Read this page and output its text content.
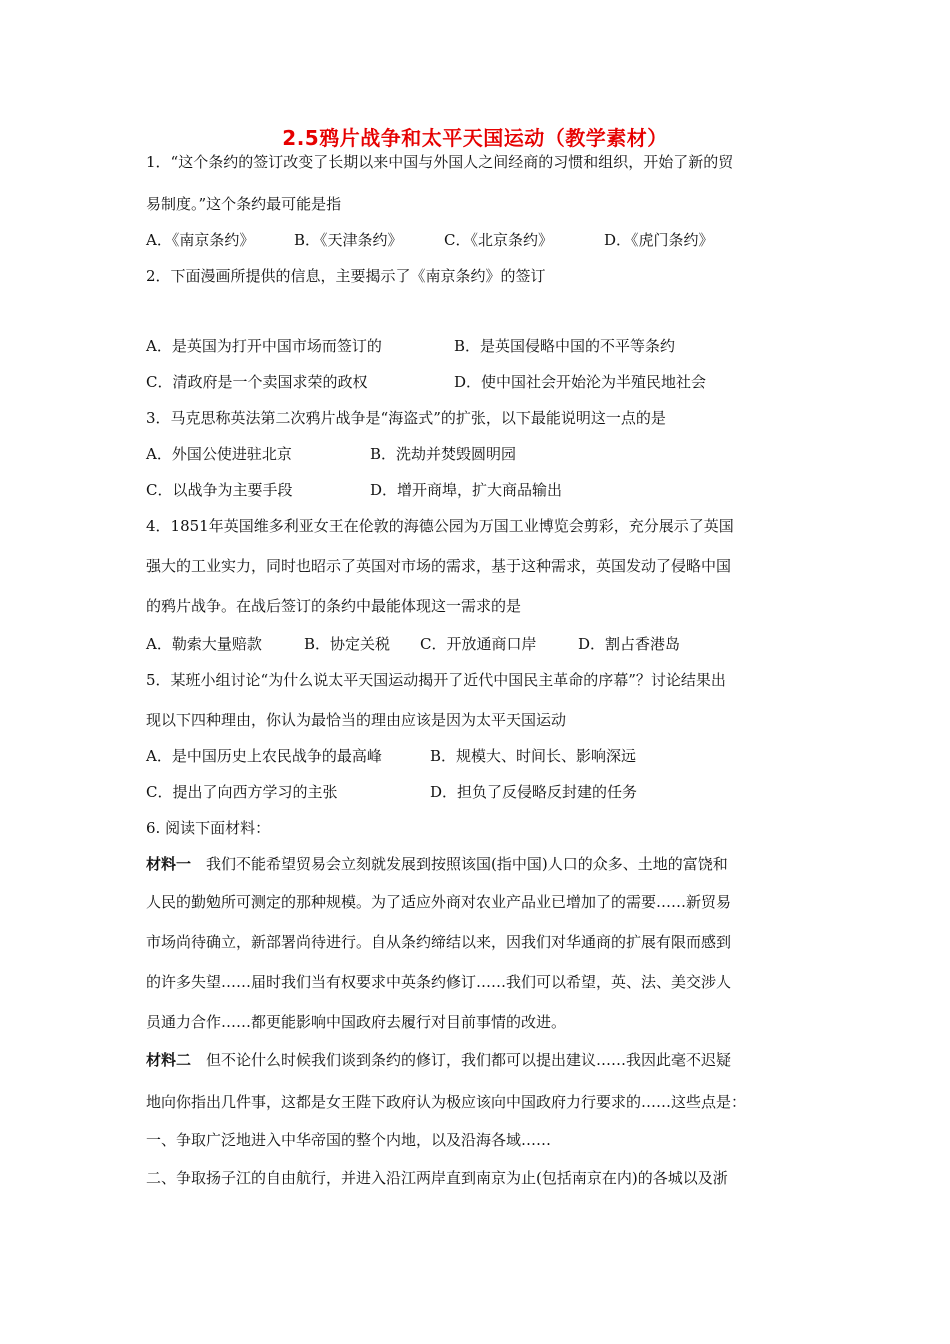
2.5鸦片战争和太平天国运动（教学素材）
1．“这个条约的签订改变了长期以来中国与外国人之间经商的习惯和组织，开始了新的贸
易制度。”这个条约最可能是指
A．《南京条约》	B．《天津条约》	C．《北京条约》	D．《虎门条约》
2．下面漫画所提供的信息，主要揭示了《南京条约》的签订
A．是英国为打开中国市场而签订的	B．是英国侵略中国的不平等条约
C．清政府是一个卖国求荣的政权	D．使中国社会开始沦为半殖民地社会
3．马克思称英法第二次鸦片战争是“海盗式”的扩张，以下最能说明这一点的是
A．外国公使进驻北京	B．洗劫并焚毁圆明园
C．以战争为主要手段	D．增开商埠，扩大商品输出
4．1851年英国维多利亚女王在伦敦的海德公园为万国工业博览会剪彩，充分展示了英国
强大的工业实力，同时也昭示了英国对市场的需求，基于这种需求，英国发动了侵略中国
的鸦片战争。在战后签订的条约中最能体现这一需求的是
A．勒索大量赔款	B．协定关税 C．开放通商口岸	D．割占香港岛
5．某班小组讨论“为什么说太平天国运动揭开了近代中国民主革命的序幕”？讨论结果出
现以下四种理由，你认为最恰当的理由应该是因为太平天国运动
A．是中国历史上农民战争的最高峰	B．规模大、时间长、影响深远
C．提出了向西方学习的主张	D．担负了反侵略反封建的任务
6. 阅读下面材料：
材料一　我们不能希望贸易会立刻就发展到按照该国(指中国)人口的众多、土地的富饶和
人民的勤勉所可测定的那种规模。为了适应外商对农业产品业已增加了的需要……新贸易
市场尚待确立，新部署尚待进行。自从条约缔结以来，因我们对华通商的扩展有限而感到
的许多失望……届时我们当有权要求中英条约修订……我们可以希望，英、法、美交涉人
员通力合作……都更能影响中国政府去履行对目前事情的改进。
材料二　但不论什么时候我们谈到条约的修订，我们都可以提出建议……我因此毫不迟疑
地向你指出几件事，这都是女王陛下政府认为极应该向中国政府力行要求的……这些点是：
一、争取广泛地进入中华帝国的整个内地，以及沿海各域……
二、争取扬子江的自由航行，并进入沿江两岸直到南京为止(包括南京在内)的各城以及浙
